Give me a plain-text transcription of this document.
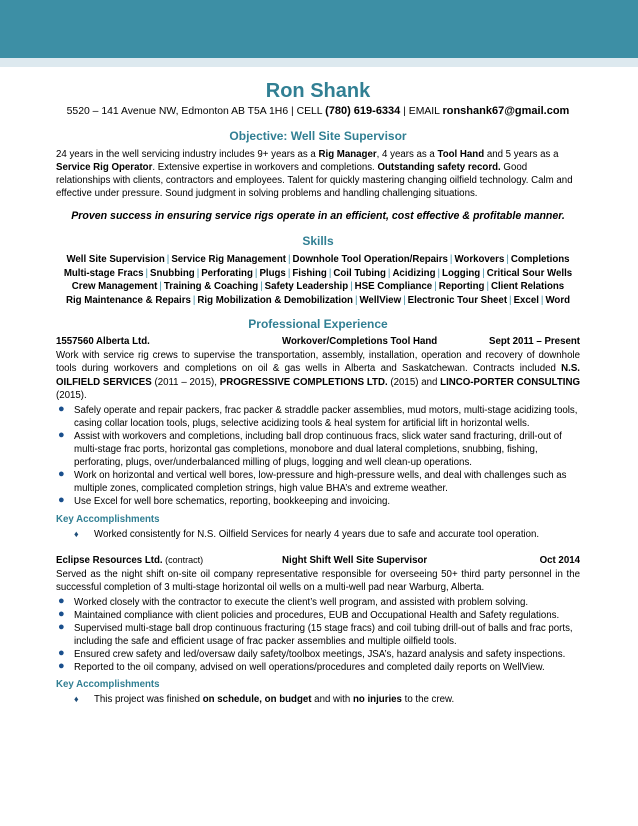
Ron Shank
5520 – 141 Avenue NW, Edmonton AB T5A 1H6 | CELL (780) 619-6334 | EMAIL ronshank67@gmail.com
Objective: Well Site Supervisor

24 years in the well servicing industry includes 9+ years as a Rig Manager, 4 years as a Tool Hand and 5 years as a Service Rig Operator. Extensive expertise in workovers and completions. Outstanding safety record. Good relationships with clients, contractors and employees. Talent for quickly mastering changing oilfield technology. Calm and effective under pressure. Sound judgment in solving problems and handling challenging situations.

Proven success in ensuring service rigs operate in an efficient, cost effective & profitable manner.
Skills
Well Site Supervision | Service Rig Management | Downhole Tool Operation/Repairs | Workovers | Completions
Multi-stage Fracs | Snubbing | Perforating | Plugs | Fishing | Coil Tubing | Acidizing | Logging | Critical Sour Wells
Crew Management | Training & Coaching | Safety Leadership | HSE Compliance | Reporting | Client Relations
Rig Maintenance & Repairs | Rig Mobilization & Demobilization | WellView | Electronic Tour Sheet | Excel | Word
Professional Experience
1557560 Alberta Ltd.	Workover/Completions Tool Hand	Sept 2011 – Present

Work with service rig crews to supervise the transportation, assembly, installation, operation and recovery of downhole tools during workovers and completions on oil & gas wells in Alberta and Saskatchewan. Contracts included N.S. OILFIELD SERVICES (2011 – 2015), PROGRESSIVE COMPLETIONS LTD. (2015) and LINCO-PORTER CONSULTING (2015).

● Safely operate and repair packers, frac packer & straddle packer assemblies, mud motors, multi-stage acidizing tools, casing collar location tools, plugs, selective acidizing tools & heal system for artificial lift in horizontal wells.
● Assist with workovers and completions, including ball drop continuous fracs, slick water sand fracturing, drill-out of multi-stage frac ports, horizontal gas completions, monobore and dual lateral completions, snubbing, fishing, perforating, plugs, over/underbalanced milling of plugs, logging and well clean-up operations.
● Work on horizontal and vertical well bores, low-pressure and high-pressure wells, and deal with challenges such as multiple zones, complicated completion strings, high value BHA’s and extreme weather.
● Use Excel for well bore schematics, reporting, bookkeeping and invoicing.
Key Accomplishments
♦ Worked consistently for N.S. Oilfield Services for nearly 4 years due to safe and accurate tool operation.
Eclipse Resources Ltd. (contract)	Night Shift Well Site Supervisor	Oct 2014

Served as the night shift on-site oil company representative responsible for overseeing 50+ third party personnel in the successful completion of 3 multi-stage horizontal oil wells on a multi-well pad near Warburg, Alberta.

● Worked closely with the contractor to execute the client’s well program, and assisted with problem solving.
● Maintained compliance with client policies and procedures, EUB and Occupational Health and Safety regulations.
● Supervised multi-stage ball drop continuous fracturing (15 stage fracs) and coil tubing drill-out of balls and frac ports, including the safe and efficient usage of frac packer assemblies and multiple oilfield tools.
● Ensured crew safety and led/oversaw daily safety/toolbox meetings, JSA’s, hazard analysis and safety inspections.
● Reported to the oil company, advised on well operations/procedures and completed daily reports on WellView.
Key Accomplishments
♦ This project was finished on schedule, on budget and with no injuries to the crew.
